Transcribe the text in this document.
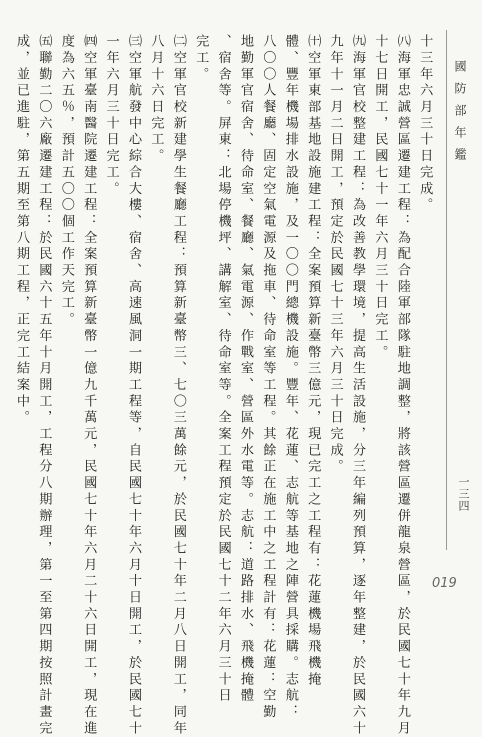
國防部年鑑
一三四
019
十三年六月三十日完成。
㈧海軍忠誠營區遷建工程：為配合陸軍部隊駐地調整，將該營區遷併龍泉營區，於民國七十年九月
十七日開工，民國七十一年六月三十日完工。
㈨海軍官校整建工程：為改善教學環境，提高生活設施，分三年編列預算，逐年整建，於民國六十
九年十一月二日開工，預定於民國七十三年六月三十日完成。
㈩空軍東部基地設施建工程：全案預算新臺幣三億元，現已完工之工程有：花蓮機場飛機掩
體、豐年機場排水設施，及一〇〇門總機設施。豐年、花蓮、志航等基地之陣營具採購。志航：
八〇〇人餐廳、固定空氣電源及拖車、待命室等工程。其餘正在施工中之工程計有：花蓮：空勤
地勤軍官宿舍、待命室、餐廳、氣電源、作戰室、營區外水電等。志航：道路排水、飛機掩體
、宿舍等。屏東：北場停機坪、講解室、待命室等。全案工程預定於民國七十二年六月三十日
完工。
㈡空軍官校新建學生餐廳工程：預算新臺幣三、七〇三萬餘元，於民國七十年二月八日開工，同年
八月十六日完工。
㈢空軍航發中心綜合大樓、宿舍、高速風洞一期工程等，自民國七十年六月十日開工，於民國七十
一年六月三十日完工。
㈣空軍臺南醫院遷建工程：全案預算新臺幣一億九千萬元，民國七十年六月二十六日開工，現在進
度為六五％，預計五〇〇個工作天完工。
㈤聯勤二〇六廠遷建工程：於民國六十五年十月開工，工程分八期辦理，第一至第四期按照計畫完
成，並已進駐，第五期至第八期工程，正完工結案中。
